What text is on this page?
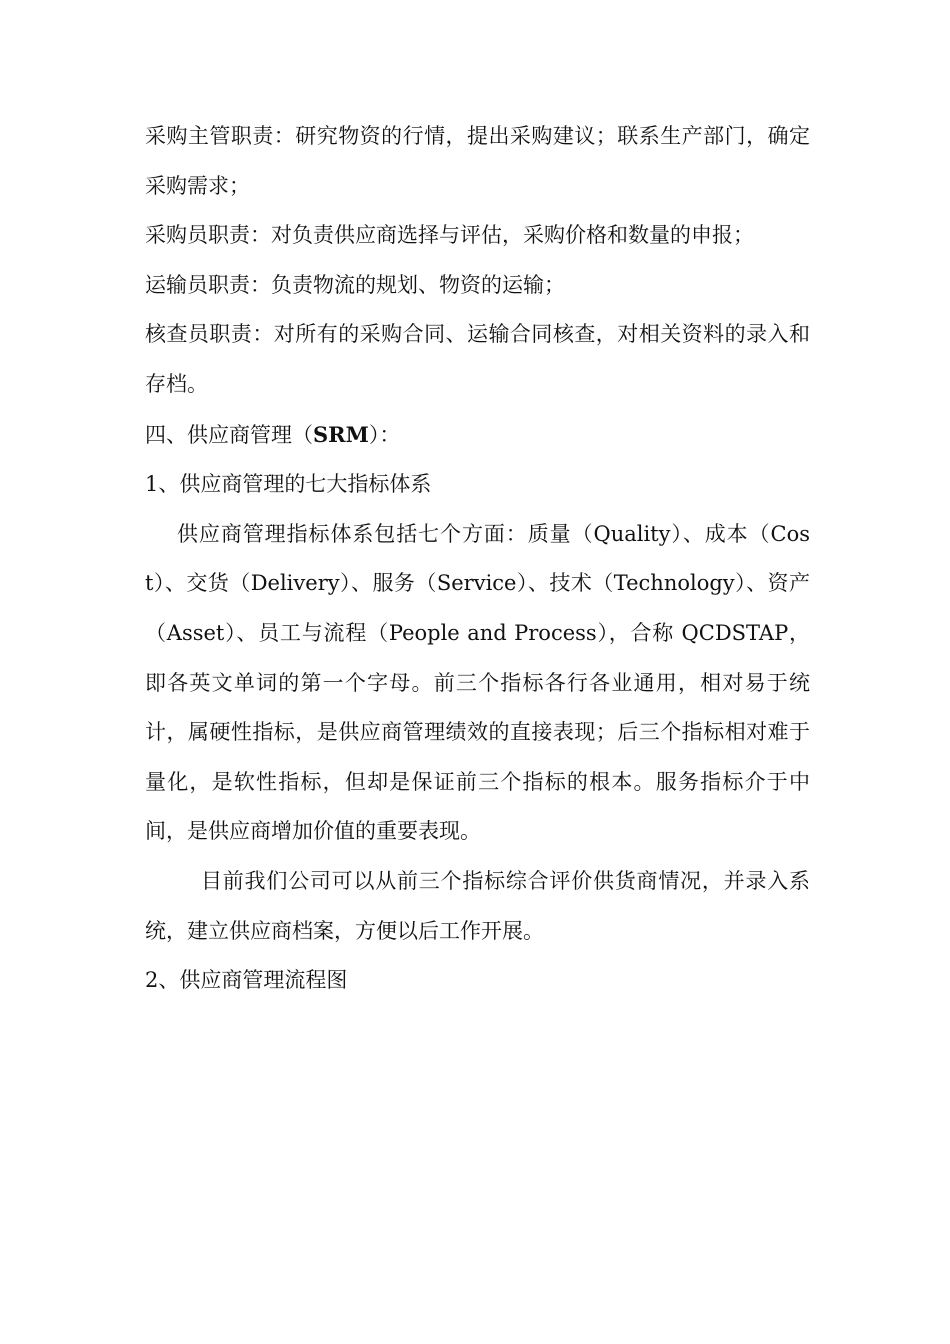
采购主管职责：研究物资的行情，提出采购建议；联系生产部门，确定采购需求；

采购员职责：对负责供应商选择与评估，采购价格和数量的申报；

运输员职责：负责物流的规划、物资的运输；

核查员职责：对所有的采购合同、运输合同核查，对相关资料的录入和存档。

四、供应商管理（SRM）：

1、供应商管理的七大指标体系

供应商管理指标体系包括七个方面：质量（Quality）、成本（Cost）、交货（Delivery）、服务（Service）、技术（Technology）、资产（Asset）、员工与流程（People and Process），合称 QCDSTAP，即各英文单词的第一个字母。前三个指标各行各业通用，相对易于统计，属硬性指标，是供应商管理绩效的直接表现；后三个指标相对难于量化，是软性指标，但却是保证前三个指标的根本。服务指标介于中间，是供应商增加价值的重要表现。

目前我们公司可以从前三个指标综合评价供货商情况，并录入系统，建立供应商档案，方便以后工作开展。

2、供应商管理流程图
